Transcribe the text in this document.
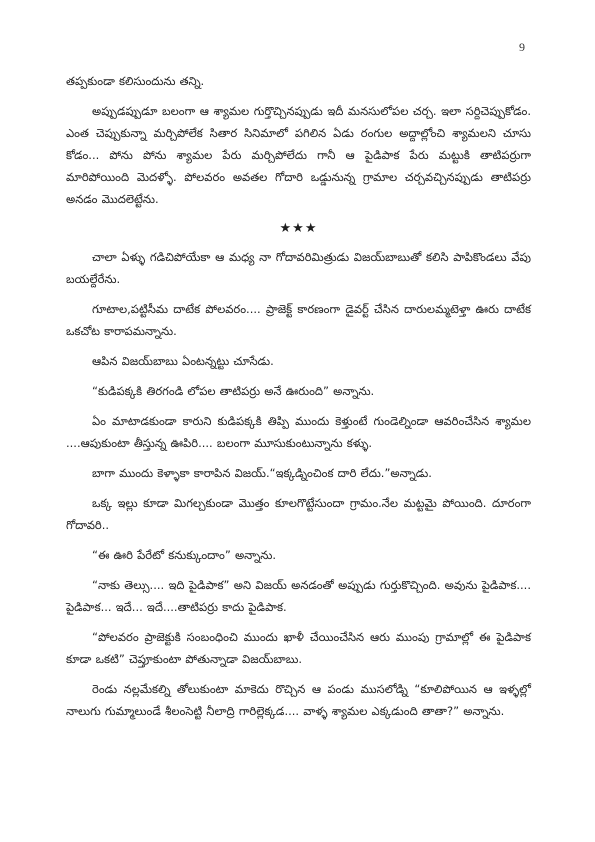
9

తప్పకుండా కలిసుందును తన్ని.

అప్పుడప్పుడూ బలంగా ఆ శ్యామల గుర్తొచ్చినప్పుడు ఇదీ మనసులోపల చర్చ. ఇలా సర్దిచెప్పుకోడం. ఎంత చెప్పుకున్నా మర్చిపోలేక సితార సినిమాలో పగిలిన ఏడు రంగుల అద్దాల్లోంచి శ్యామలని చూసు కోడం... పోను పోను శ్యామల పేరు మర్చిపోలేదు గానీ ఆ పైడిపాక పేరు మట్టుకి తాటిపర్రుగా మారిపోయింది మెదళ్ళో. పోలవరం అవతల గోదారి ఒడ్డునున్న గ్రామాల చర్చవచ్చినప్పుడు తాటిపర్రు అనడం మొదలెట్టేను.

★★★

చాలా ఏళ్ళు గడిచిపోయేకా ఆ మధ్య నా గోదావరిమిత్రుడు విజయ్‌బాబుతో కలిసి పాపికొండలు వేపు బయల్దేరేను.

గూటాల,పట్టిసీమ దాటేక పోలవరం.... ప్రాజెక్ట్ కారణంగా డైవర్ట్ చేసిన దారులమ్మటెళ్తా ఊరు దాటేక ఒకచోట కారాపమన్నాను.

ఆపిన విజయ్‌బాబు ఏంటన్నట్టు చూసేడు.

“కుడిపక్కకి తిరగండి లోపల తాటిపర్రు అనే ఊరుంది” అన్నాను.

ఏం మాటాడకుండా కారుని కుడిపక్కకి తిప్పి ముందు కెళ్తుంటే గుండెల్నిండా ఆవరించేసిన శ్యామల ....ఆపుకుంటా తీస్తున్న ఊపిరి.... బలంగా మూసుకుంటున్నాను కళ్ళు.

బాగా ముందు కెళ్ళాకా కారాపిన విజయ్.“ఇక్కడ్నించింక దారి లేదు.”అన్నాడు.

ఒక్క ఇల్లు కూడా మిగల్చకుండా మొత్తం కూలగొట్టేసుందా గ్రామం.నేల మట్టమై పోయింది. దూరంగా గోదావరి..

“ఈ ఊరి పేరేటో కనుక్కుందాం” అన్నాను.

“నాకు తెల్సు.... ఇది పైడిపాక” అని విజయ్ అనడంతో అప్పుడు గుర్తుకొచ్చింది. అవును పైడిపాక.... పైడిపాక... ఇదే... ఇదే....తాటిపర్రు కాదు పైడిపాక.

“పోలవరం ప్రాజెక్టుకి సంబంధించి ముందు ఖాళీ చేయించేసిన ఆరు ముంపు గ్రామాల్లో ఈ పైడిపాక కూడా ఒకటి” చెప్తూకుంటా పోతున్నాడా విజయ్‌బాబు.

రెండు నల్లమేకల్ని తోలుకుంటా మాకెదు రొచ్చిన ఆ పండు ముసలోడ్ని “కూలిపోయిన ఆ ఇళ్ళల్లో నాలుగు గుమ్మాలుండే శీలంసెట్టి నీలాద్రి గారిల్లెక్కడ.... వాళ్ళ శ్యామల ఎక్కడుంది తాతా?” అన్నాను.
